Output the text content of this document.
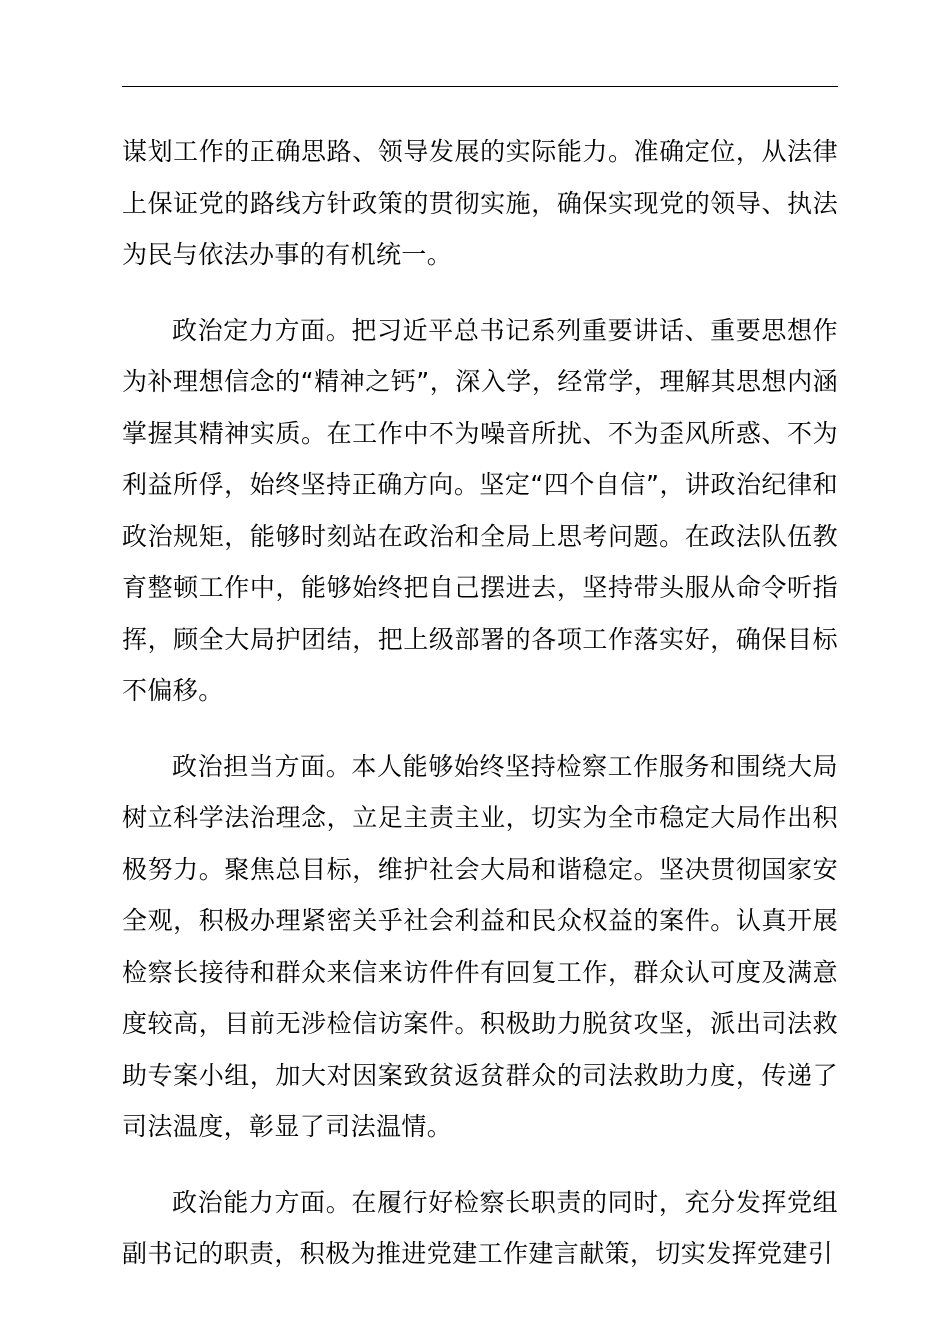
谋划工作的正确思路、领导发展的实际能力。准确定位，从法律上保证党的路线方针政策的贯彻实施，确保实现党的领导、执法为民与依法办事的有机统一。

政治定力方面。把习近平总书记系列重要讲话、重要思想作为补理想信念的“精神之钙”，深入学，经常学，理解其思想内涵掌握其精神实质。在工作中不为噪音所扰、不为歪风所惑、不为利益所俘，始终坚持正确方向。坚定“四个自信”，讲政治纪律和政治规矩，能够时刻站在政治和全局上思考问题。在政法队伍教育整顿工作中，能够始终把自己摆进去，坚持带头服从命令听指挥，顾全大局护团结，把上级部署的各项工作落实好，确保目标不偏移。

政治担当方面。本人能够始终坚持检察工作服务和围绕大局树立科学法治理念，立足主责主业，切实为全市稳定大局作出积极努力。聚焦总目标，维护社会大局和谐稳定。坚决贯彻国家安全观，积极办理紧密关乎社会利益和民众权益的案件。认真开展检察长接待和群众来信来访件件有回复工作，群众认可度及满意度较高，目前无涉检信访案件。积极助力脱贫攻坚，派出司法救助专案小组，加大对因案致贫返贫群众的司法救助力度，传递了司法温度，彰显了司法温情。

政治能力方面。在履行好检察长职责的同时，充分发挥党组副书记的职责，积极为推进党建工作建言献策，切实发挥党建引
